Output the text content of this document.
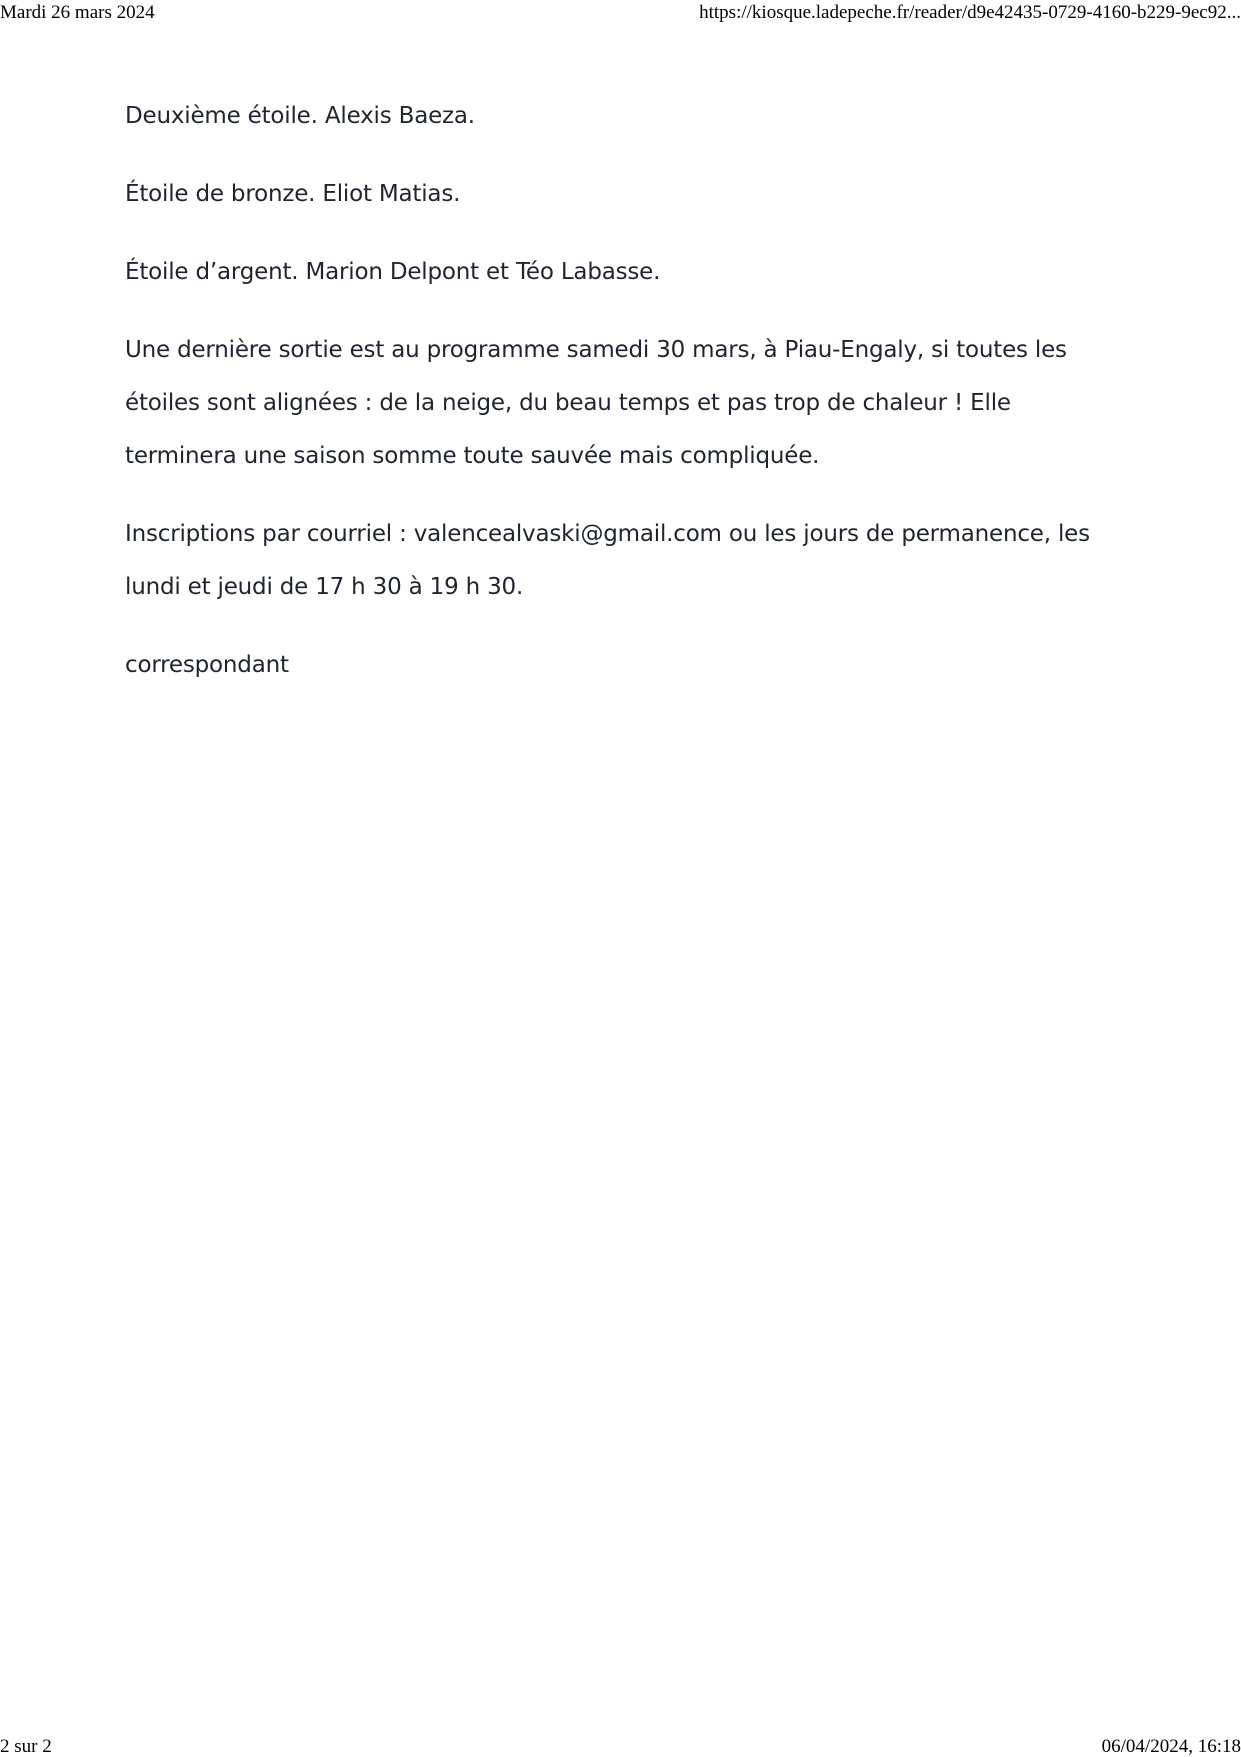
Mardi 26 mars 2024	https://kiosque.ladepeche.fr/reader/d9e42435-0729-4160-b229-9ec92...

Deuxième étoile. Alexis Baeza.

Étoile de bronze. Eliot Matias.

Étoile d’argent. Marion Delpont et Téo Labasse.

Une dernière sortie est au programme samedi 30 mars, à Piau-Engaly, si toutes les étoiles sont alignées : de la neige, du beau temps et pas trop de chaleur ! Elle terminera une saison somme toute sauvée mais compliquée.

Inscriptions par courriel : valencealvaski@gmail.com ou les jours de permanence, les lundi et jeudi de 17 h 30 à 19 h 30.

correspondant

2 sur 2	06/04/2024, 16:18
